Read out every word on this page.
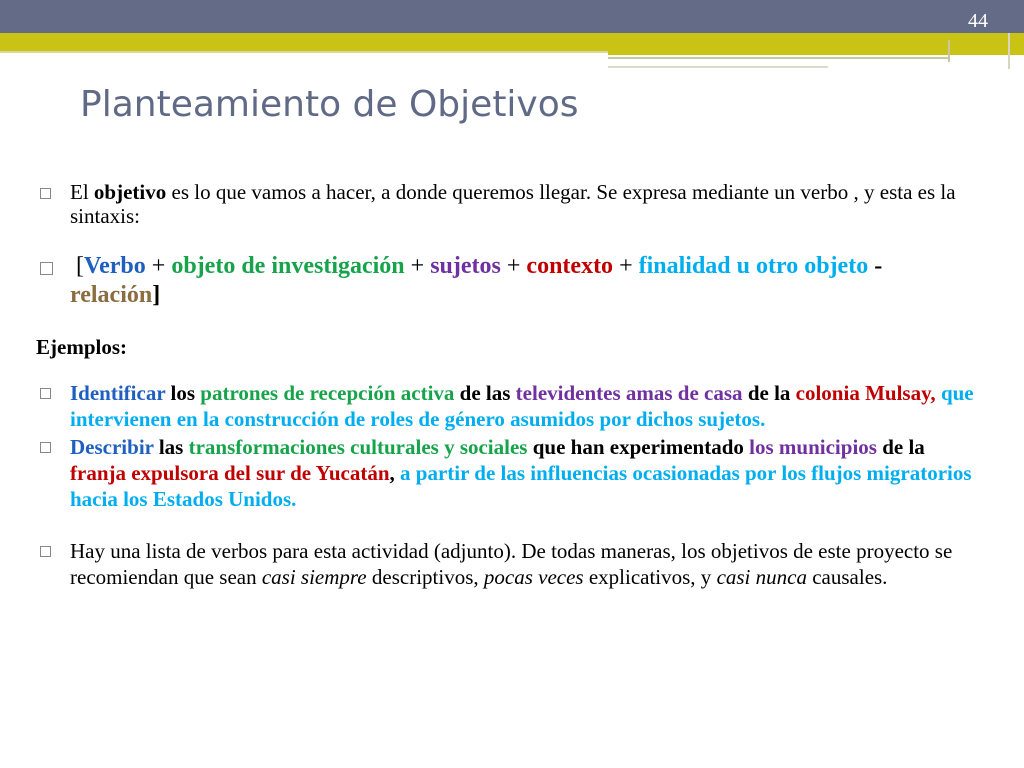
44
Planteamiento de Objetivos

El objetivo es lo que vamos a hacer, a donde queremos llegar. Se expresa mediante un verbo , y esta es la sintaxis:

[Verbo + objeto de investigación + sujetos + contexto + finalidad u otro objeto - relación]

Ejemplos:

Identificar los patrones de recepción activa de las televidentes amas de casa de la colonia Mulsay, que intervienen en la construcción de roles de género asumidos por dichos sujetos.

Describir las transformaciones culturales y sociales que han experimentado los municipios de la franja expulsora del sur de Yucatán, a partir de las influencias ocasionadas por los flujos migratorios hacia los Estados Unidos.

Hay una lista de verbos para esta actividad (adjunto). De todas maneras, los objetivos de este proyecto se recomiendan que sean casi siempre descriptivos, pocas veces explicativos, y casi nunca causales.
